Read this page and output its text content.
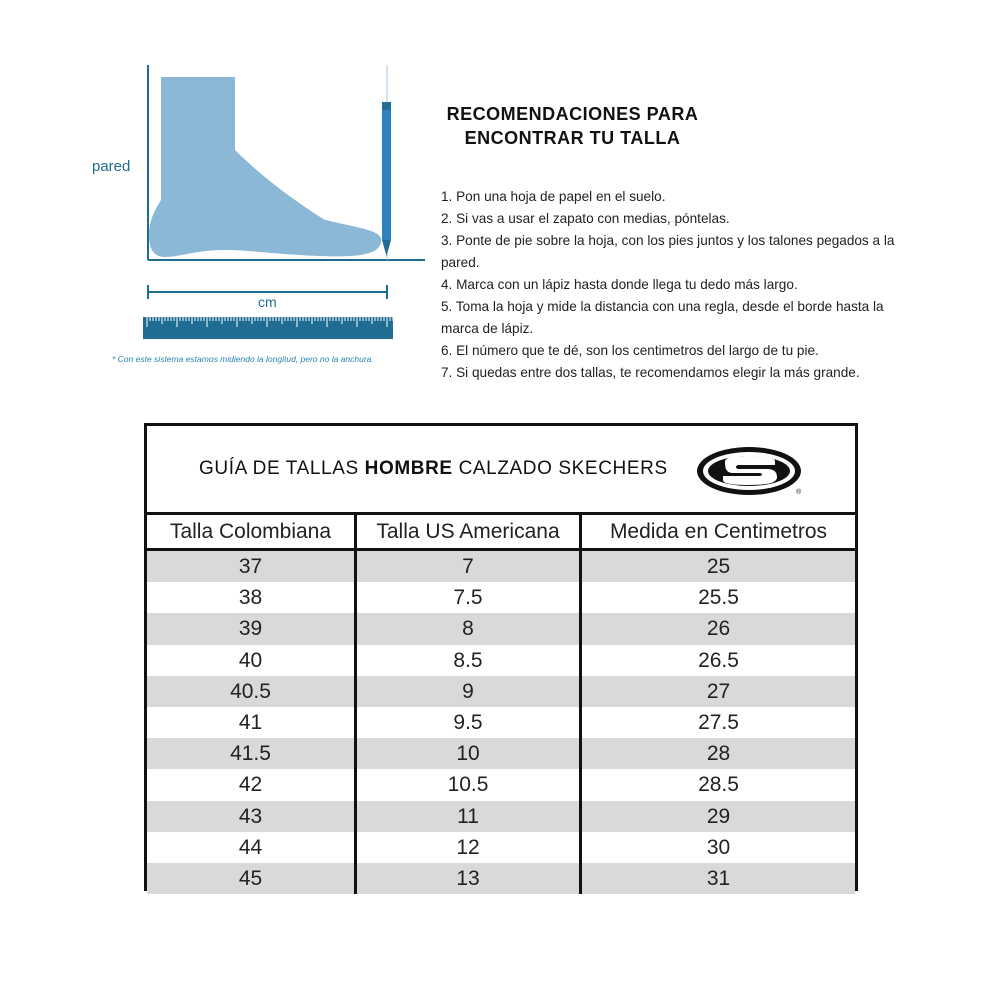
pared
cm
* Con este sistema estamos midiendo la longitud, pero no la anchura.
RECOMENDACIONES PARA
ENCONTRAR TU TALLA
1. Pon una hoja de papel en el suelo.
2. Si vas a usar el zapato con medias, póntelas.
3. Ponte de pie sobre la hoja, con los pies juntos y los talones pegados a la pared.
4. Marca con un lápiz hasta donde llega tu dedo más largo.
5. Toma la hoja y mide la distancia con una regla, desde el borde hasta la marca de lápiz.
6. El número que te dé, son los centimetros del largo de tu pie.
7. Si quedas entre dos tallas, te recomendamos elegir la más grande.
GUÍA DE TALLAS HOMBRE CALZADO SKECHERS
®
Talla Colombiana	Talla US Americana	Medida en Centimetros
37	7	25
38	7.5	25.5
39	8	26
40	8.5	26.5
40.5	9	27
41	9.5	27.5
41.5	10	28
42	10.5	28.5
43	11	29
44	12	30
45	13	31
